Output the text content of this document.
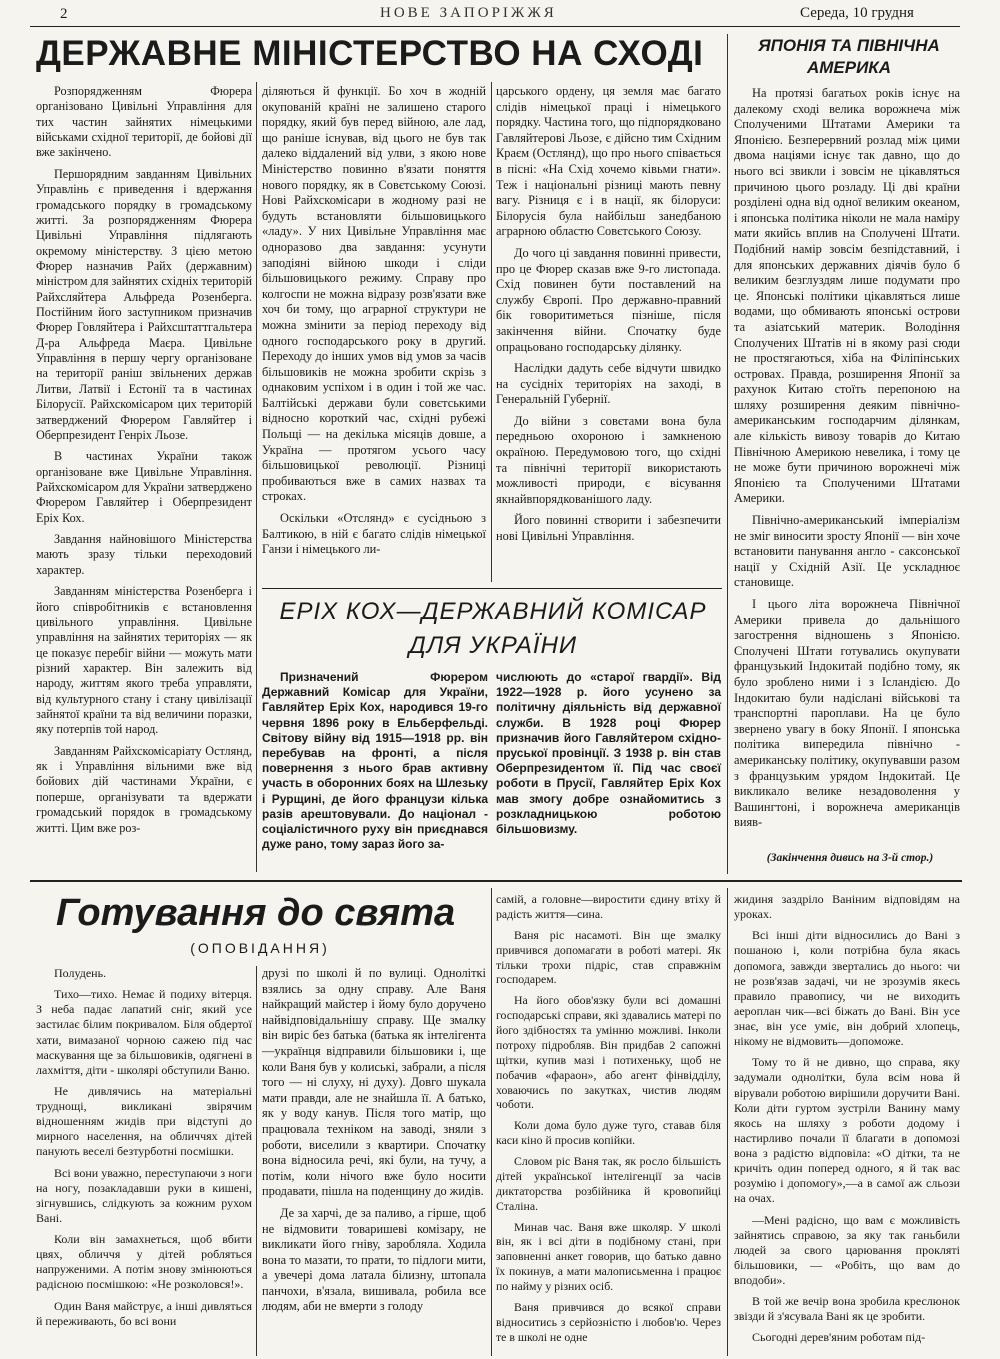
2	НОВЕ ЗАПОРІЖЖЯ	Середа, 10 грудня
ДЕРЖАВНЕ МІНІСТЕРСТВО НА СХОДІ

Розпорядженням Фюрера організовано Цивільні Управління для тих частин зайнятих німецькими військами східної території, де бойові дії вже закінчено.

Першорядним завданням Цивільних Управлінь є приведення і вдержання громадського порядку в громадському житті. За розпорядженням Фюрера Цивільні Управління підлягають окремому міністерству. З цією метою Фюрер назначив Райх (державним) міністром для зайнятих східніх територій Райхсляйтера Альфреда Розенберга. Постійним його заступником призначив Фюрер Говляйтера і Райхсштаттгальтера Д-ра Альфреда Маєра. Цивільне Управління в першу чергу організоване на території раніш звільнених держав Литви, Латвії і Естонії та в частинах Білорусії. Райхскомісаром цих територій затверджений Фюрером Гавляйтер і Оберпрезидент Генріх Льозе.

В частинах України також організоване вже Цивільне Управління. Райхскомісаром для України затверджено Фюрером Гавляйтер і Оберпрезидент Еріх Кох.

Завдання найновішого Міністерства мають зразу тільки переходовий характер.

Завданням міністерства Розенберга і його співробітників є встановлення цивільного управління. Цивільне управління на зайнятих територіях — як це показує перебіг війни — можуть мати різний характер. Він залежить від народу, життям якого треба управляти, від культурного стану і стану цивілізації зайнятої країни та від величини поразки, яку потерпів той народ.

Завданням Райхскомісаріату Остлянд, як і Управління вільними вже від бойових дій частинами України, є поперше, організувати та вдержати громадський порядок в громадському житті. Цим вже роз-

діляються й функції. Бо хоч в жодній окупованій країні не залишено старого порядку, який був перед війною, але лад, що раніше існував, від цього не був так далеко віддалений від улви, з якою нове Міністерство повинно в'язати поняття нового порядку, як в Совєтському Союзі. Нові Райхскомісари в жодному разі не будуть встановляти більшовицького «ладу». У них Цивільне Управління має одноразово два завдання: усунути заподіяні війною шкоди і сліди більшовицького режиму. Справу про колгоспи не можна відразу розв'язати вже хоч би тому, що аграрної структури не можна змінити за період переходу від одного господарського року в другий. Переходу до інших умов від умов за часів більшовиків не можна зробити скрізь з однаковим успіхом і в один і той же час. Балтійські держави були совєтськими відносно короткий час, східні рубежі Польщі — на декілька місяців довше, а Україна — протягом усього часу більшовицької революції. Різниці пробиваються вже в самих назвах та строках.

Оскільки «Отслянд» є сусідньою з Балтикою, в ній є багато слідів німецької Ганзи і німецького ли-

царського ордену, ця земля має багато слідів німецької праці і німецького порядку. Частина того, що підпорядковано Гавляйтерові Льозе, є дійсно тим Східним Краєм (Остлянд), що про нього співається в пісні: «На Схід хочемо ківьми гнати». Теж і національні різниці мають певну вагу. Різниця є і в нації, як білоруси: Білорусія була найбільш занедбаною аграрною областю Совєтського Союзу.

До чого ці завдання повинні привести, про це Фюрер сказав вже 9-го листопада. Схід повинен бути поставлений на службу Європі. Про державно-правний бік говоритиметься пізніше, після закінчення війни. Спочатку буде опрацьовано господарську ділянку.

Наслідки дадуть себе відчути швидко на сусідніх територіях на заході, в Генеральній Губернії.

До війни з совєтами вона була передньою охороною і замкненою окраїною. Передумовою того, що східні та північні території використають можливості природи, є вісування якнайвпорядкованішого ладу.

Його повинні створити і забезпечити нові Цивільні Управління.

ЕРІХ КОХ—ДЕРЖАВНИЙ КОМІСАР
ДЛЯ УКРАЇНИ

Призначений Фюрером Державний Комісар для України, Гавляйтер Еріх Кох, народився 19-го червня 1896 року в Ельберфельді. Світову війну від 1915—1918 рр. він перебував на фронті, а після повернення з нього брав активну участь в оборонних боях на Шлезьку і Рурщині, де його французи кілька разів арештовували. До націонал - соціалістичного руху він приєднався дуже рано, тому зараз його за-

числюють до «старої гвардії». Від 1922—1928 р. його усунено за політичну діяльність від державної служби. В 1928 році Фюрер призначив його Гавляйтером східно-пруської провінції. З 1938 р. він став Оберпрезидентом її. Під час своєї роботи в Прусії, Гавляйтер Еріх Кох мав змогу добре ознайомитись з розкладницькою роботою більшовизму.

ЯПОНІЯ ТА ПІВНІЧНА
АМЕРИКА

На протязі багатьох років існує на далекому сході велика ворожнеча між Сполученими Штатами Америки та Японією. Безперервний розлад між цими двома націями існує так давно, що до нього всі звикли і зовсім не цікавляться причиною цього розладу. Ці дві країни розділені одна від одної великим океаном, і японська політика ніколи не мала наміру мати якийсь вплив на Сполучені Штати. Подібний намір зовсім безпідставний, і для японських державних діячів було б великим безглуздям лише подумати про це. Японські політики цікавляться лише водами, що обмивають японські острови та азіатський материк. Володіння Сполучених Штатів ні в якому разі сюди не простягаються, хіба на Філіпінських островах. Правда, розширення Японії за рахунок Китаю стоїть перепоною на шляху розширення деяким північно-американським господарчим ділянкам, але кількість вивозу товарів до Китаю Північною Америкою невелика, і тому це не може бути причиною ворожнечі між Японією та Сполученими Штатами Америки.

Північно-американський імперіалізм не зміг виносити зросту Японії — він хоче встановити панування англо - саксонської нації у Східній Азії. Це ускладнює становище.

І цього літа ворожнеча Північної Америки привела до дальнішого загострення відношень з Японією. Сполучені Штати готувались окупувати французький Індокитай подібно тому, як було зроблено ними і з Ісландією. До Індокитаю були надіслані військові та транспортні пароплави. На це було звернено увагу в боку Японії. І японська політика випередила північно - американську політику, окупувавши разом з французьким урядом Індокитай. Це викликало велике незадоволення у Вашингтоні, і ворожнеча американців вияв-

(Закінчення дивись на 3-й стор.)
Готування до свята
(ОПОВІДАННЯ)

Полудень.

Тихо—тихо. Немає й подиху вітерця. З неба падає лапатий сніг, який усе застилає білим покривалом. Біля обдертої хати, вимазаної чорною сажею під час маскування ще за більшовиків, одягнені в лахміття, діти - школярі обступили Ваню.

Не дивлячись на матеріальні труднощі, викликані звірячим відношенням жидів при відступі до мирного населення, на обличчях дітей панують веселі безтурботні посмішки.

Всі вони уважно, переступаючи з ноги на ногу, позакладавши руки в кишені, зігнувшись, слідкують за кожним рухом Вані.

Коли він замахнеться, щоб вбити цвях, обличчя у дітей робляться напруженими. А потім знову змінюються радісною посмішкою: «Не розколовся!».

Один Ваня майструє, а інші дивляться й переживають, бо всі вони

друзі по школі й по вулиці. Одноліткі взялись за одну справу. Але Ваня найкращий майстер і йому було доручено найвідповідальнішу справу. Ще змалку він виріс без батька (батька як інтелігента—українця відправили більшовики і, ще коли Ваня був у колиські, забрали, а після того — ні слуху, ні духу). Довго шукала мати правди, але не знайшла її. А батько, як у воду канув. Після того матір, що працювала техніком на заводі, зняли з роботи, виселили з квартири. Спочатку вона відносила речі, які були, на тучу, а потім, коли нічого вже було носити продавати, пішла на поденщину до жидів.

Де за харчі, де за паливо, а гірше, щоб не відмовити товаришеві комізару, не викликати його гніву, заробляла. Ходила вона то мазати, то прати, то підлоги мити, а увечері дома латала білизну, штопала панчохи, в'язала, вишивала, робила все людям, аби не вмерти з голоду

самій, а головне—виростити єдину втіху й радість життя—сина.

Ваня ріс насамоті. Він ще змалку привчився допомагати в роботі матері. Як тільки трохи підріс, став справжнім господарем.

На його обов'язку були всі домашні господарські справи, які здавались матері по його здібностях та умінню можливі. Інколи потроху підробляв. Він придбав 2 сапожні щітки, купив мазі і потихеньку, щоб не побачив «фараон», або агент фінвідділу, ховаючись по закутках, чистив людям чоботи.

Коли дома було дуже туго, ставав біля каси кіно й просив копійки.

Словом ріс Ваня так, як росло більшість дітей української інтелігенції за часів диктаторства розбійника й кровопийці Сталіна.

Минав час. Ваня вже школяр. У школі він, як і всі діти в подібному стані, при заповненні анкет говорив, що батько давно їх покинув, а мати малописьменна і працює по найму у різних осіб.

Ваня привчився до всякої справи відноситись з серйозністю і любов'ю. Через те в школі не одне

жидиня заздріло Ваніним відповідям на уроках.

Всі інші діти відносились до Вані з пошаною і, коли потрібна була якась допомога, завжди звертались до нього: чи не розв'язав задачі, чи не зрозумів якесь правило правопису, чи не виходить аероплан чик—всі біжать до Вані. Він усе знає, він усе уміє, він добрий хлопець, нікому не відмовить—допоможе.

Тому то й не дивно, що справа, яку задумали однолітки, була всім нова й вірували роботою вирішили доручити Вані. Коли діти гуртом зустріли Ванину маму якось на шляху з роботи додому і настирливо почали її благати в допомозі вона з радістю відповіла: «О дітки, та не кричіть один поперед одного, я й так вас розумію і допомогу»,—а в самої аж сльози на очах.

—Мені радісно, що вам є можливість зайнятись справою, за яку так ганьбили людей за свого царювання прокляті більшовики, — «Робіть, що вам до вподоби».

В той же вечір вона зробила креслюнок звізди й з'ясувала Вані як це зробити.

Сьогодні дерев'яним роботам під-
